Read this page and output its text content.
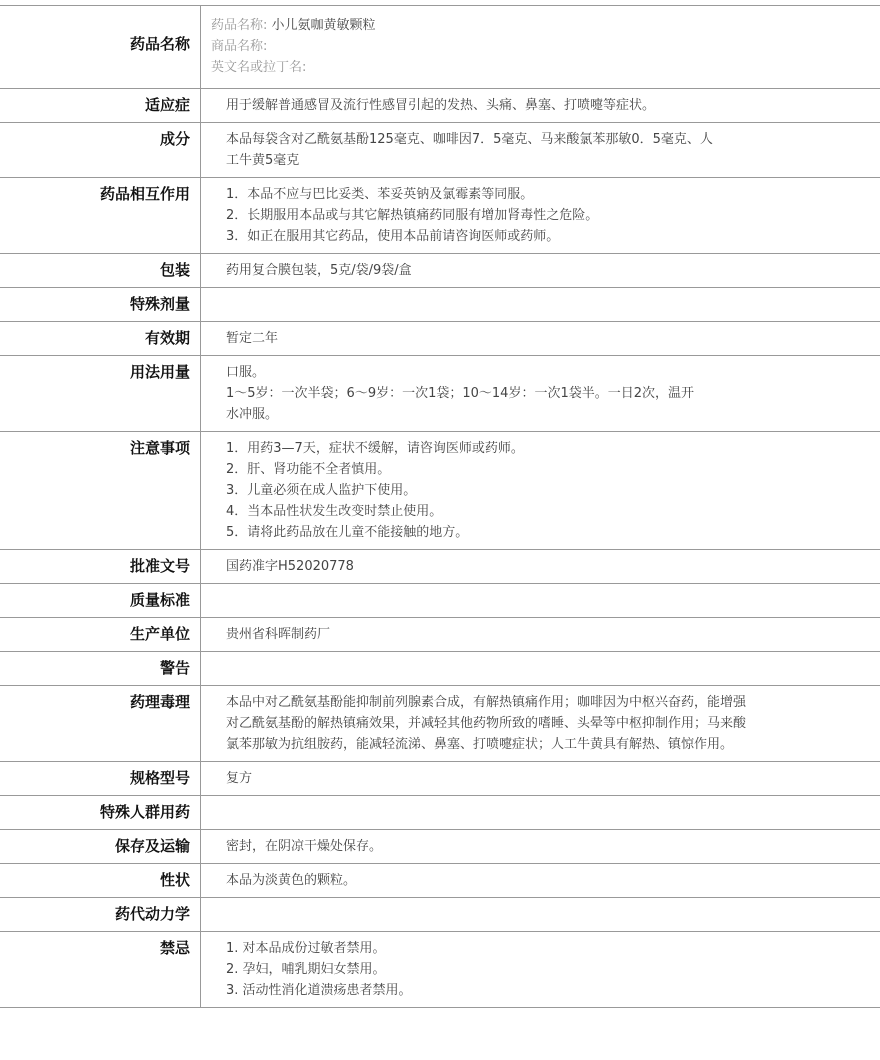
药品名称	药品名称: 小儿氨咖黄敏颗粒
商品名称:
英文名或拉丁名:

适应症	用于缓解普通感冒及流行性感冒引起的发热、头痛、鼻塞、打喷嚏等症状。

成分	本品每袋含对乙酰氨基酚125毫克、咖啡因7．5毫克、马来酸氯苯那敏0．5毫克、人
工牛黄5毫克

药品相互作用	1．本品不应与巴比妥类、苯妥英钠及氯霉素等同服。
2．长期服用本品或与其它解热镇痛药同服有增加肾毒性之危险。
3．如正在服用其它药品，使用本品前请咨询医师或药师。

包装	药用复合膜包装，5克/袋/9袋/盒

特殊剂量	

有效期	暂定二年

用法用量	口服。
1～5岁：一次半袋；6～9岁：一次1袋；10～14岁：一次1袋半。一日2次，温开
水冲服。

注意事项	1．用药3—7天，症状不缓解，请咨询医师或药师。
2．肝、肾功能不全者慎用。
3．儿童必须在成人监护下使用。
4．当本品性状发生改变时禁止使用。
5．请将此药品放在儿童不能接触的地方。

批准文号	国药准字H52020778

质量标准	

生产单位	贵州省科晖制药厂

警告	

药理毒理	本品中对乙酰氨基酚能抑制前列腺素合成，有解热镇痛作用；咖啡因为中枢兴奋药，能增强
对乙酰氨基酚的解热镇痛效果，并减轻其他药物所致的嗜睡、头晕等中枢抑制作用；马来酸
氯苯那敏为抗组胺药，能减轻流涕、鼻塞、打喷嚏症状；人工牛黄具有解热、镇惊作用。

规格型号	复方

特殊人群用药	

保存及运输	密封，在阴凉干燥处保存。

性状	本品为淡黄色的颗粒。

药代动力学	

禁忌	1. 对本品成份过敏者禁用。
2. 孕妇，哺乳期妇女禁用。
3. 活动性消化道溃疡患者禁用。
